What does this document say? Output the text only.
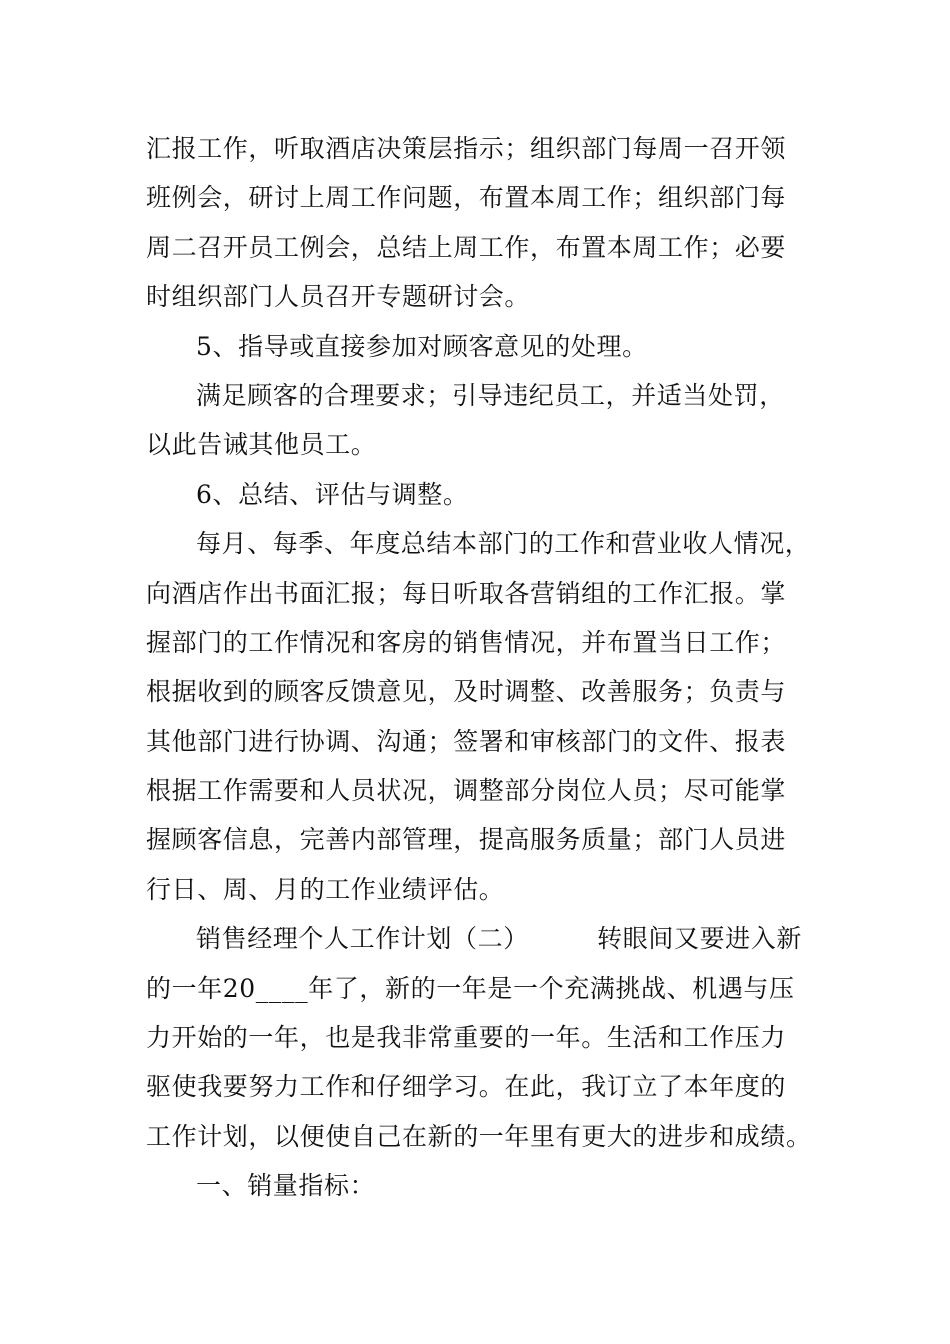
汇报工作，听取酒店决策层指示；组织部门每周一召开领
班例会，研讨上周工作问题，布置本周工作；组织部门每
周二召开员工例会，总结上周工作，布置本周工作；必要
时组织部门人员召开专题研讨会。
5、指导或直接参加对顾客意见的处理。
满足顾客的合理要求；引导违纪员工，并适当处罚，
以此告诫其他员工。
6、总结、评估与调整。
每月、每季、年度总结本部门的工作和营业收人情况，
向酒店作出书面汇报；每日听取各营销组的工作汇报。掌
握部门的工作情况和客房的销售情况，并布置当日工作；
根据收到的顾客反馈意见，及时调整、改善服务；负责与
其他部门进行协调、沟通；签署和审核部门的文件、报表
根据工作需要和人员状况，调整部分岗位人员；尽可能掌
握顾客信息，完善内部管理，提高服务质量；部门人员进
行日、周、月的工作业绩评估。
销售经理个人工作计划（二）        转眼间又要进入新
的一年20____年了，新的一年是一个充满挑战、机遇与压
力开始的一年，也是我非常重要的一年。生活和工作压力
驱使我要努力工作和仔细学习。在此，我订立了本年度的
工作计划，以便使自己在新的一年里有更大的进步和成绩。
一、销量指标：
